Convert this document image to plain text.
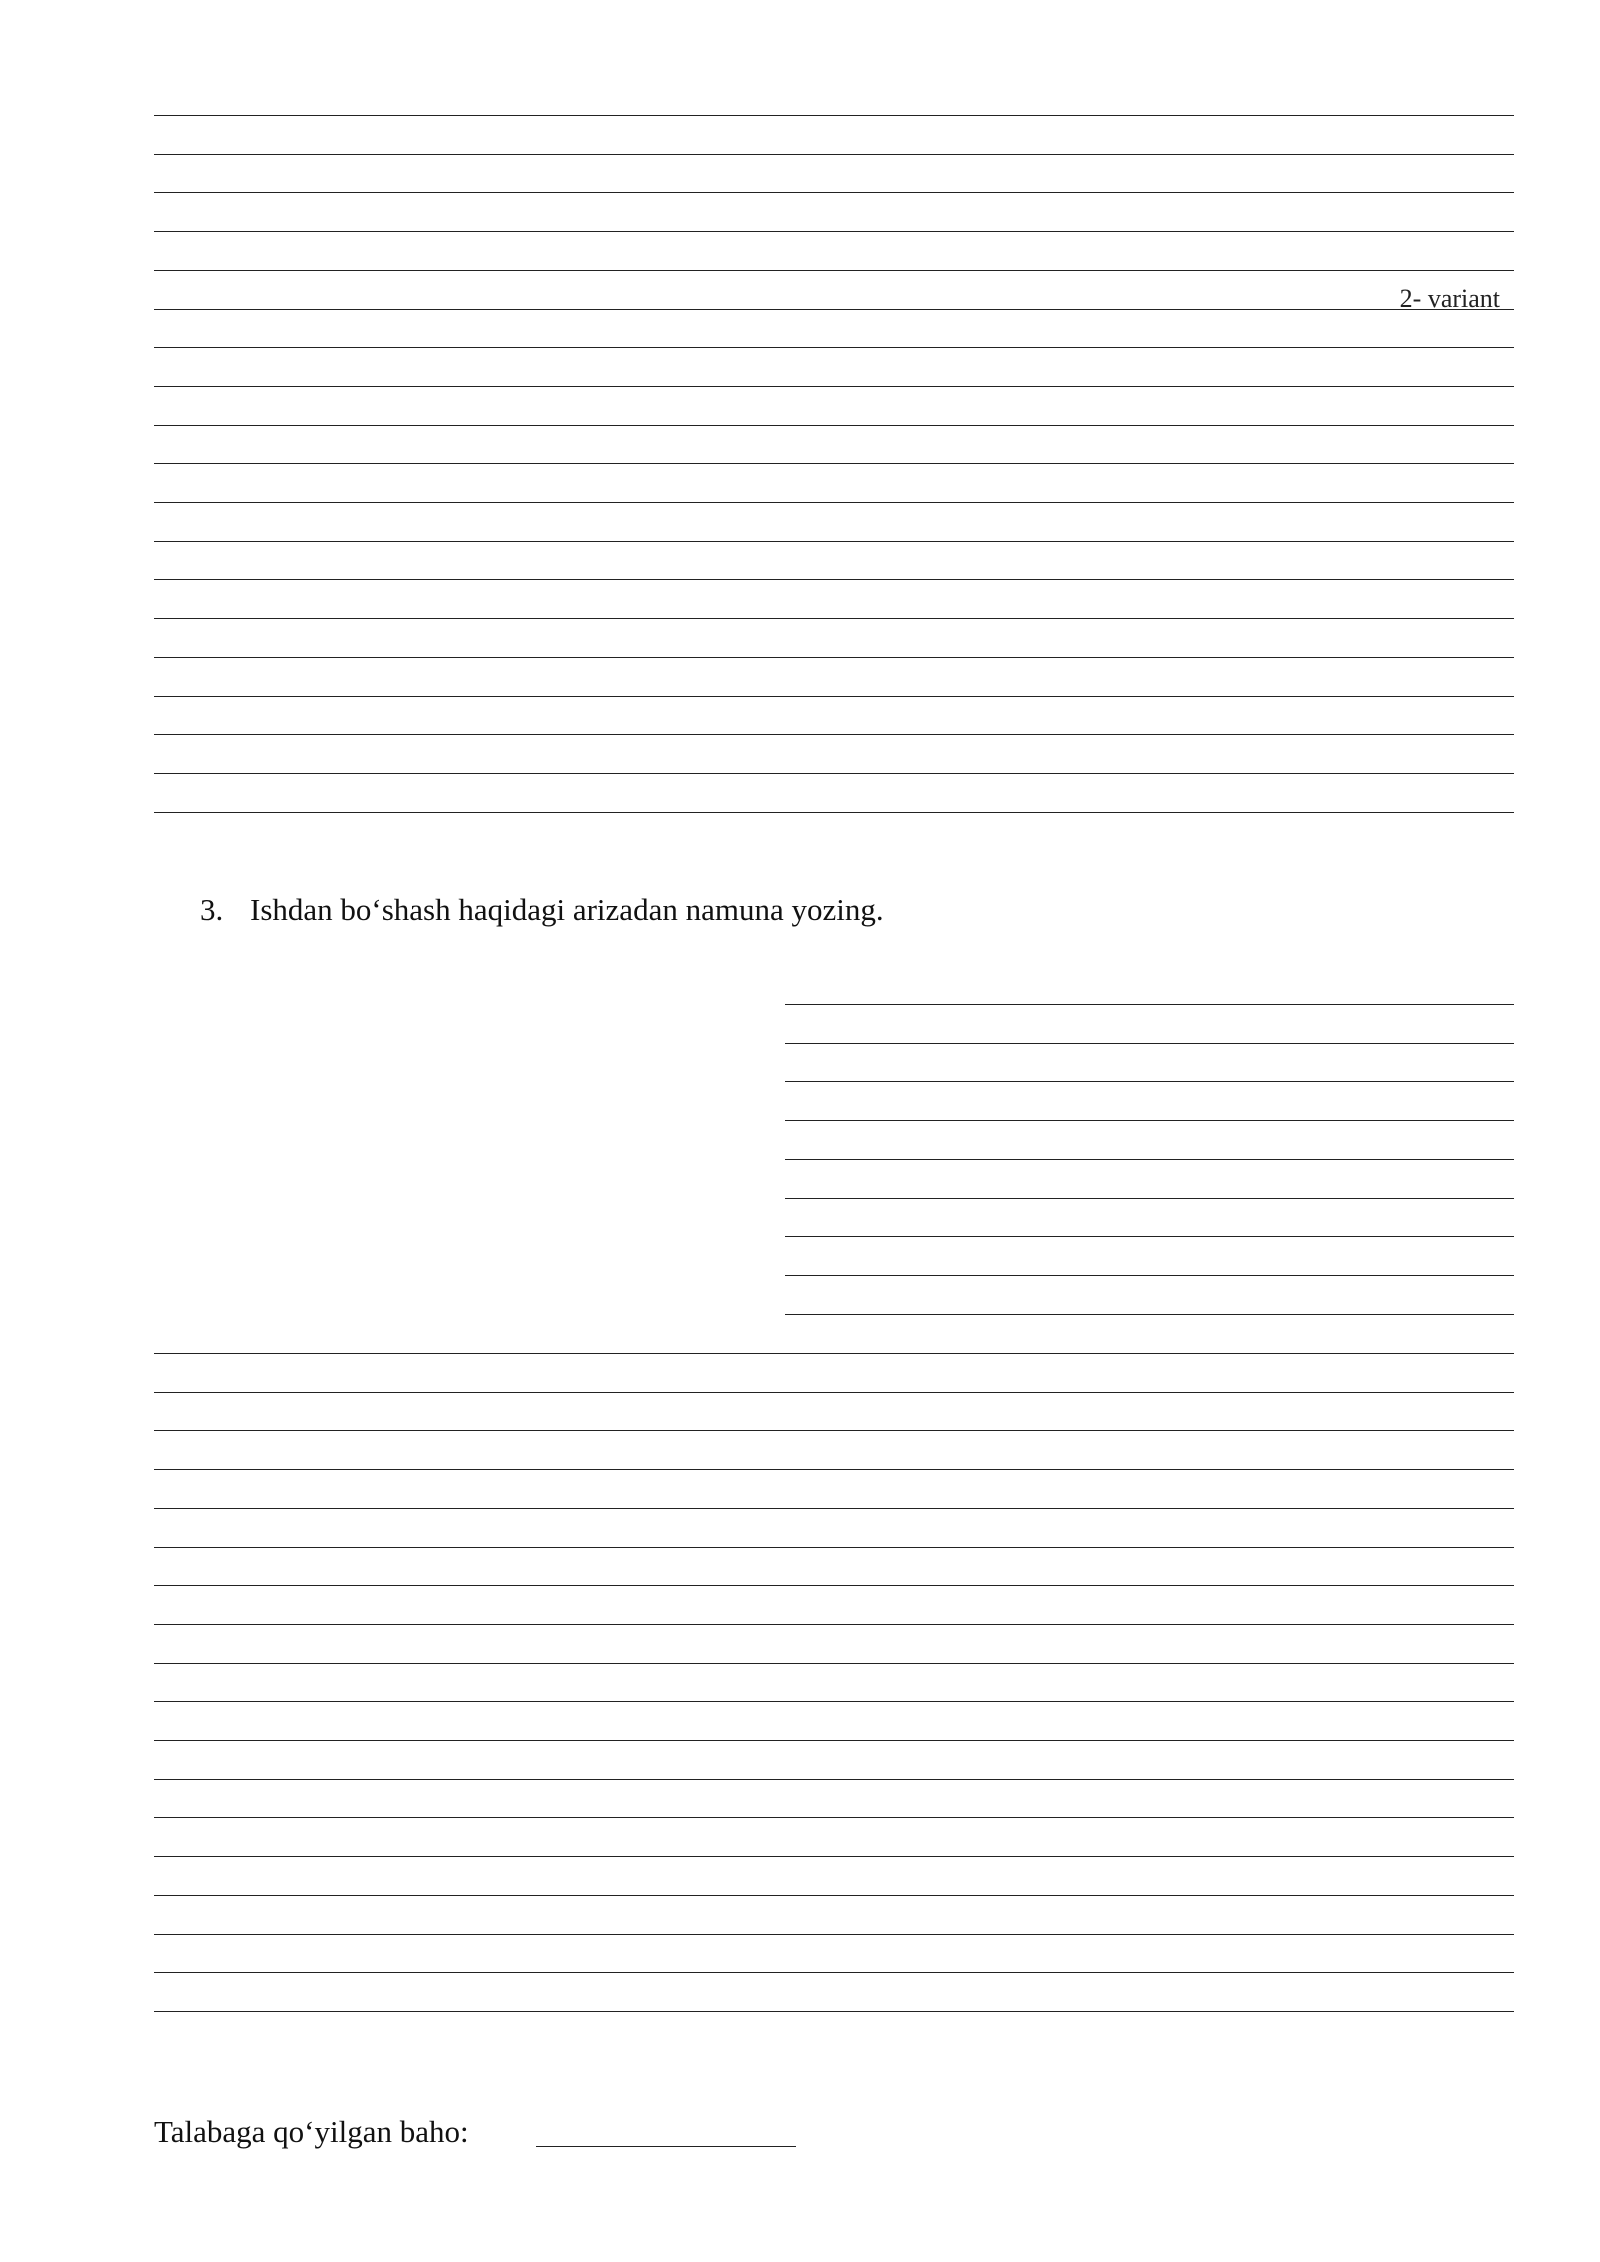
2- variant
3. Ishdan bo‘shash haqidagi arizadan namuna yozing.
Talabaga qo‘yilgan baho:
